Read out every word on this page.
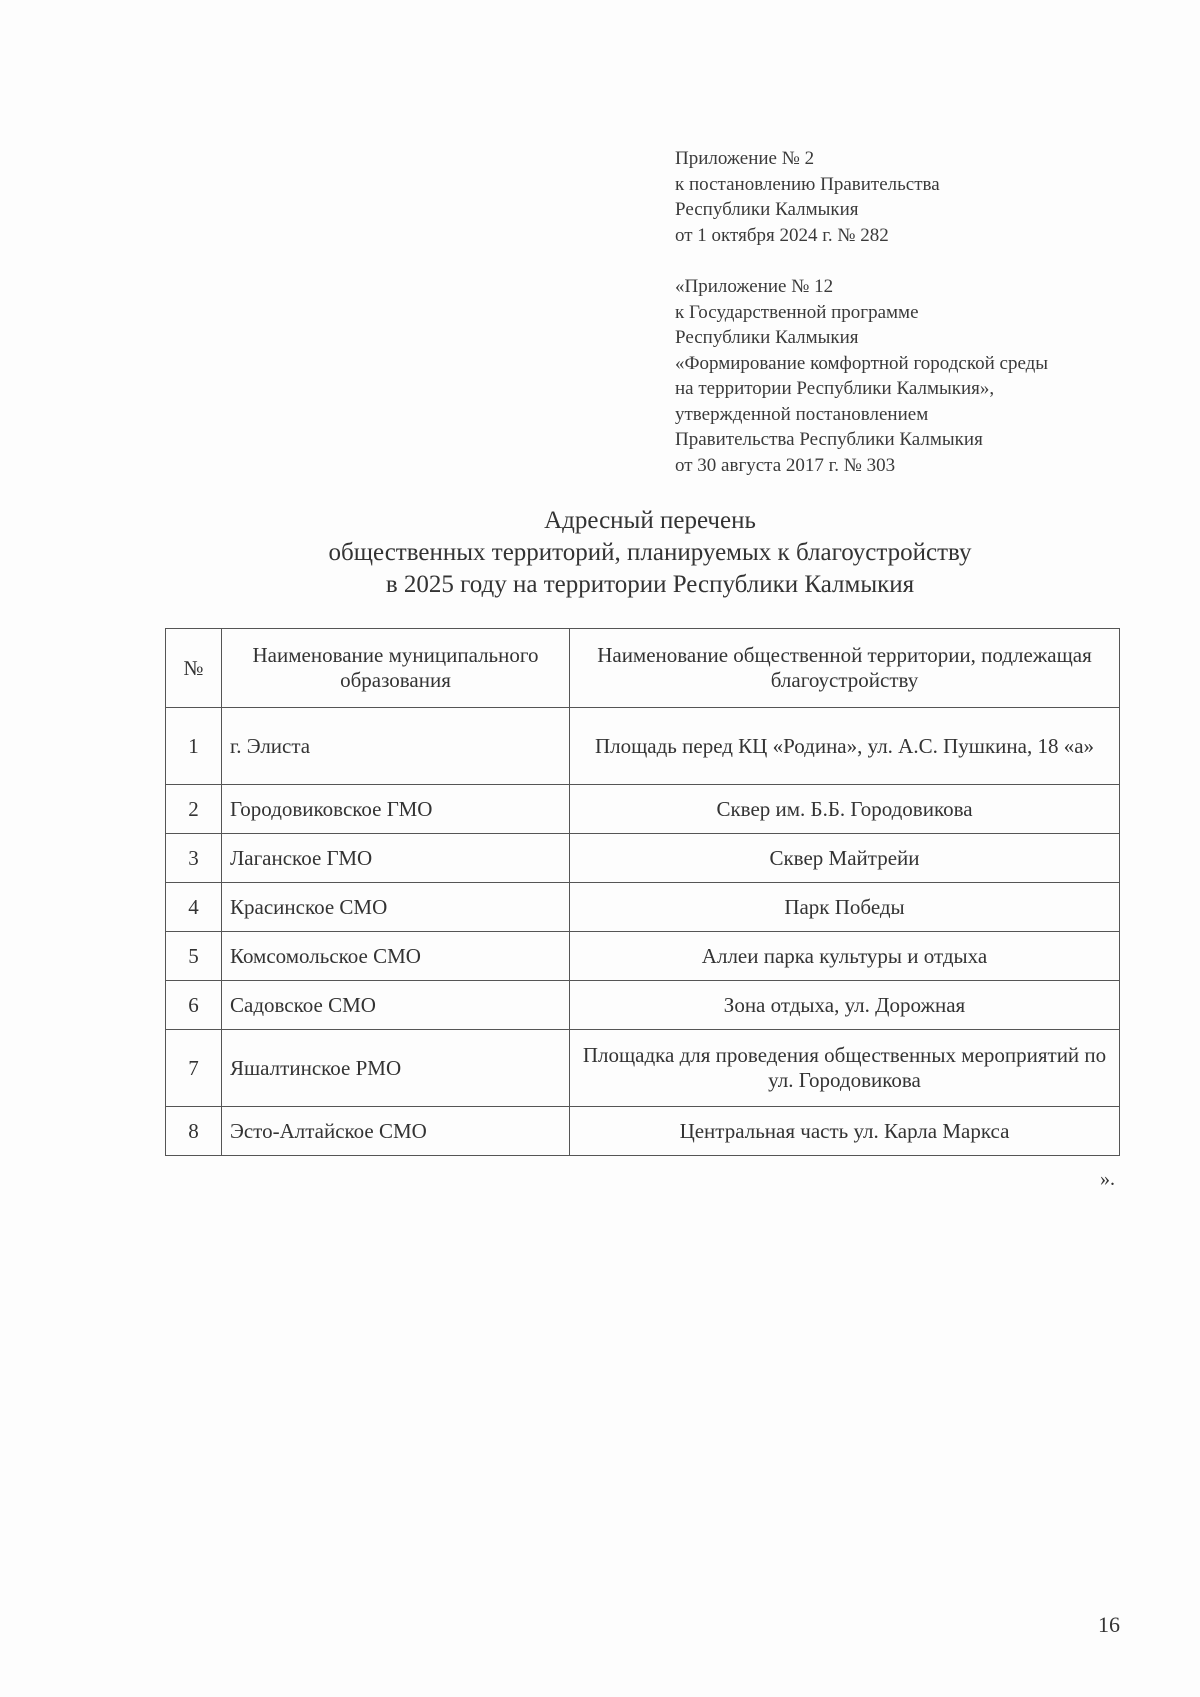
Приложение № 2
к постановлению Правительства
Республики Калмыкия
от 1 октября 2024 г. № 282
«Приложение № 12
к Государственной программе
Республики Калмыкия
«Формирование комфортной городской среды
на территории Республики Калмыкия»,
утвержденной постановлением
Правительства Республики Калмыкия
от 30 августа 2017 г. № 303
Адресный перечень
общественных территорий, планируемых к благоустройству
в 2025 году на территории Республики Калмыкия
№	Наименование муниципального образования	Наименование общественной территории, подлежащая благоустройству
1	г. Элиста	Площадь перед КЦ «Родина», ул. А.С. Пушкина, 18 «а»
2	Городовиковское ГМО	Сквер им. Б.Б. Городовикова
3	Лаганское ГМО	Сквер Майтрейи
4	Красинское СМО	Парк Победы
5	Комсомольское СМО	Аллеи парка культуры и отдыха
6	Садовское СМО	Зона отдыха, ул. Дорожная
7	Яшалтинское РМО	Площадка для проведения общественных мероприятий по ул. Городовикова
8	Эсто-Алтайское СМО	Центральная часть ул. Карла Маркса
».
16
